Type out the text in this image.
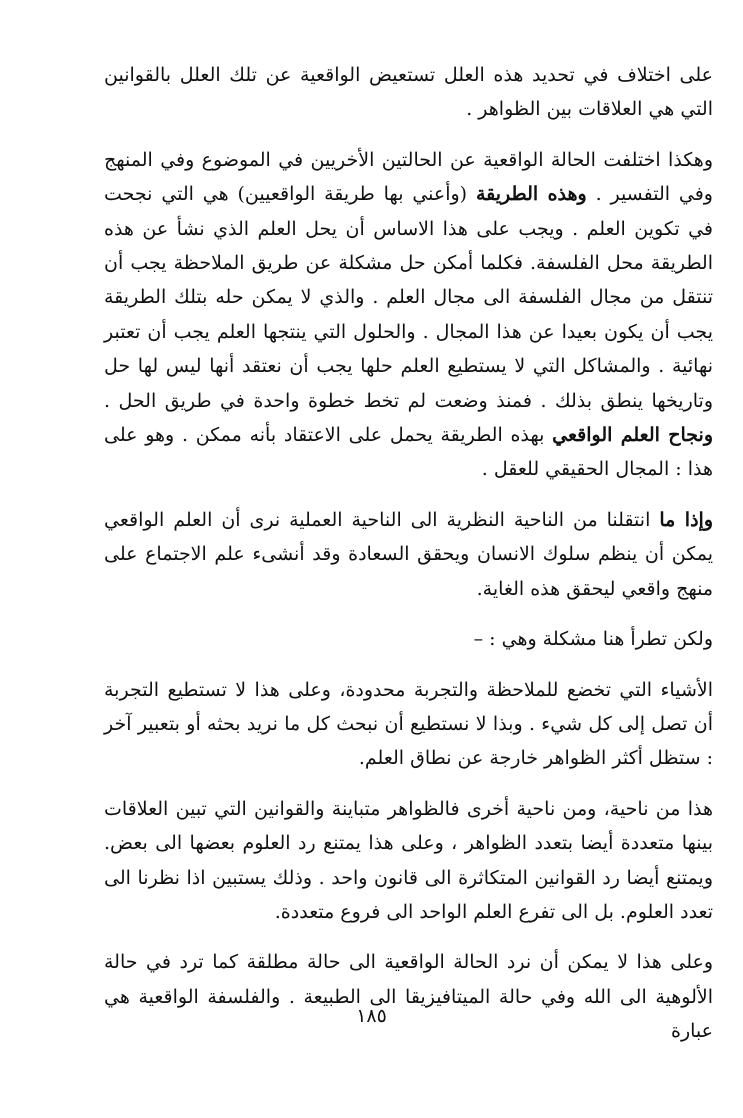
على اختلاف في تحديد هذه العلل تستعيض الواقعية عن تلك العلل بالقوانين التي هي العلاقات بين الظواهر .

وهكذا اختلفت الحالة الواقعية عن الحالتين الأخريين في الموضوع وفي المنهج وفي التفسير . وهذه الطريقة (وأعني بها طريقة الواقعيين) هي التي نجحت في تكوين العلم . ويجب على هذا الاساس أن يحل العلم الذي نشأ عن هذه الطريقة محل الفلسفة. فكلما أمكن حل مشكلة عن طريق الملاحظة يجب أن تنتقل من مجال الفلسفة الى مجال العلم . والذي لا يمكن حله بتلك الطريقة يجب أن يكون بعيدا عن هذا المجال . والحلول التي ينتجها العلم يجب أن تعتبر نهائية . والمشاكل التي لا يستطيع العلم حلها يجب أن نعتقد أنها ليس لها حل وتاريخها ينطق بذلك . فمنذ وضعت لم تخط خطوة واحدة في طريق الحل . ونجاح العلم الواقعي بهذه الطريقة يحمل على الاعتقاد بأنه ممكن . وهو على هذا : المجال الحقيقي للعقل .

وإذا ما انتقلنا من الناحية النظرية الى الناحية العملية نرى أن العلم الواقعي يمكن أن ينظم سلوك الانسان ويحقق السعادة وقد أنشىء علم الاجتماع على منهج واقعي ليحقق هذه الغاية.

ولكن تطرأ هنا مشكلة وهي : –

الأشياء التي تخضع للملاحظة والتجربة محدودة، وعلى هذا لا تستطيع التجربة أن تصل إلى كل شيء . وبذا لا نستطيع أن نبحث كل ما نريد بحثه أو بتعبير آخر : ستظل أكثر الظواهر خارجة عن نطاق العلم.

هذا من ناحية، ومن ناحية أخرى فالظواهر متباينة والقوانين التي تبين العلاقات بينها متعددة أيضا بتعدد الظواهر ، وعلى هذا يمتنع رد العلوم بعضها الى بعض. ويمتنع أيضا رد القوانين المتكاثرة الى قانون واحد . وذلك يستبين اذا نظرنا الى تعدد العلوم. بل الى تفرع العلم الواحد الى فروع متعددة.

وعلى هذا لا يمكن أن نرد الحالة الواقعية الى حالة مطلقة كما ترد في حالة الألوهية الى الله وفي حالة الميتافيزيقا الى الطبيعة . والفلسفة الواقعية هي عبارة

١٨٥
